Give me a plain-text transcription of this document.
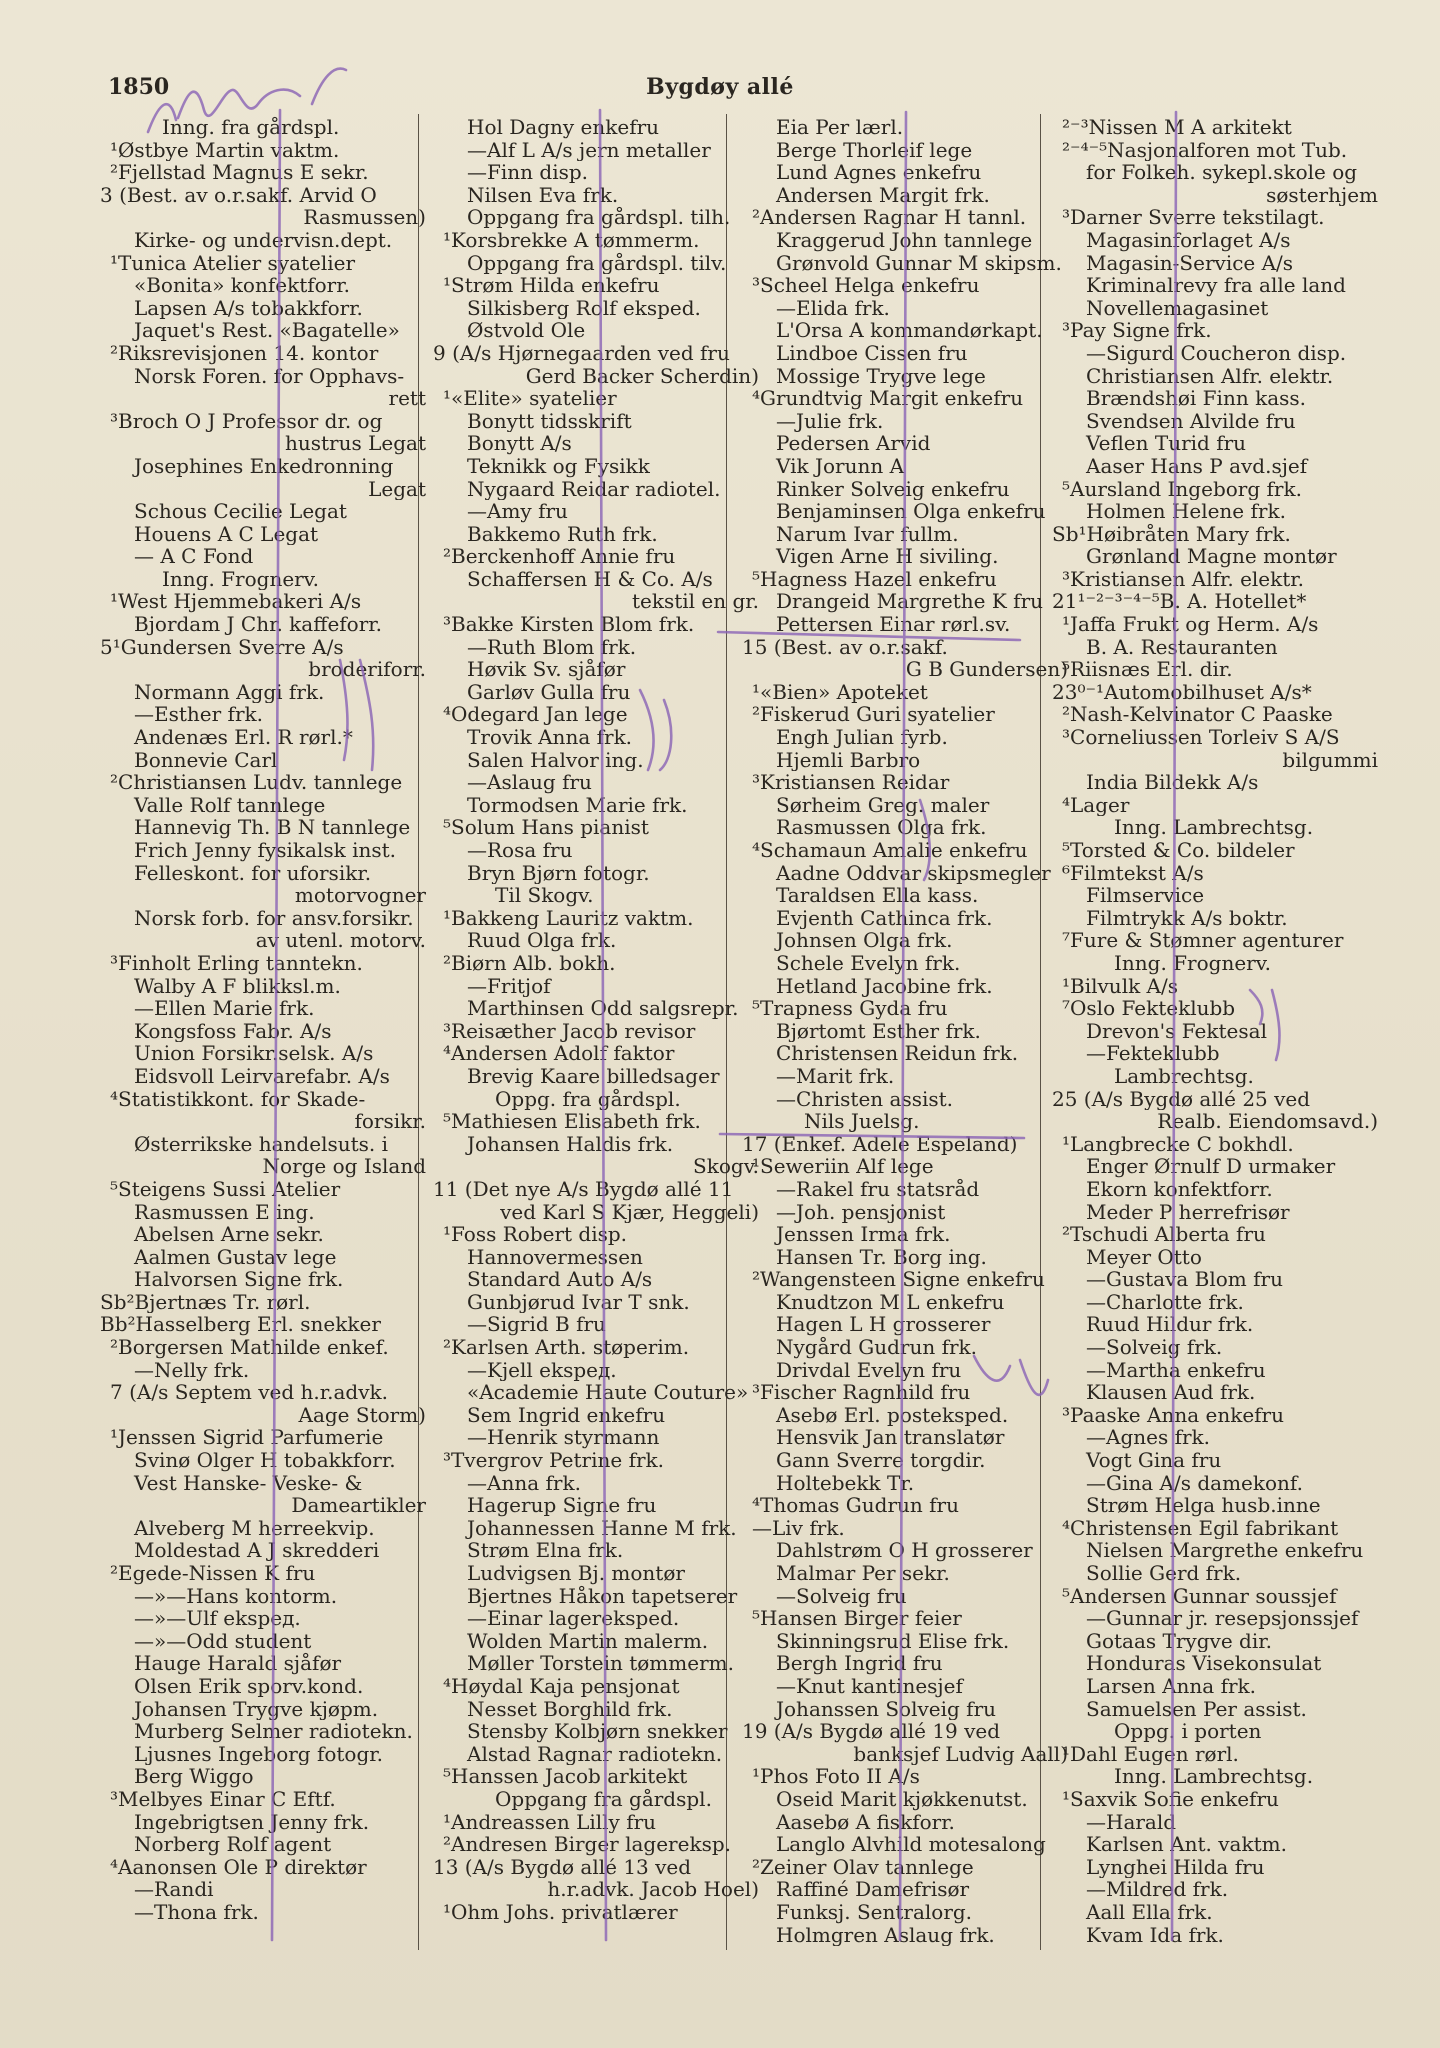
1850	Bygdøy allé
Inng. fra gårdspl.
¹Østbye Martin vaktm.
²Fjellstad Magnus E sekr.
3 (Best. av o.r.sakf. Arvid O
Rasmussen)
Kirke- og undervisn.dept.
¹Tunica Atelier syatelier
«Bonita» konfektforr.
Lapsen A/s tobakkforr.
Jaquet's Rest. «Bagatelle»
²Riksrevisjonen 14. kontor
Norsk Foren. for Opphavs-
rett
³Broch O J Professor dr. og
hustrus Legat
Josephines Enkedronning
Legat
Schous Cecilie Legat
Houens A C Legat
— A C Fond
Inng. Frognerv.
¹West Hjemmebakeri A/s
Bjordam J Chr. kaffeforr.
5¹Gundersen Sverre A/s
broderiforr.
Normann Aggi frk.
—Esther frk.
Andenæs Erl. R rørl.*
Bonnevie Carl
²Christiansen Ludv. tannlege
Valle Rolf tannlege
Hannevig Th. B N tannlege
Frich Jenny fysikalsk inst.
Felleskont. for uforsikr.
motorvogner
Norsk forb. for ansv.forsikr.
av utenl. motorv.
³Finholt Erling tanntekn.
Walby A F blikksl.m.
—Ellen Marie frk.
Kongsfoss Fabr. A/s
Union Forsikr.selsk. A/s
Eidsvoll Leirvarefabr. A/s
⁴Statistikkont. for Skade-
forsikr.
Østerrikske handelsuts. i
Norge og Island
⁵Steigens Sussi Atelier
Rasmussen E ing.
Abelsen Arne sekr.
Aalmen Gustav lege
Halvorsen Signe frk.
Sb²Bjertnæs Tr. rørl.
Bb²Hasselberg Erl. snekker
²Borgersen Mathilde enkef.
—Nelly frk.
7 (A/s Septem ved h.r.advk.
Aage Storm)
¹Jenssen Sigrid Parfumerie
Svinø Olger H tobakkforr.
Vest Hanske- Veske- &
Dameartikler
Alveberg M herreekvip.
Moldestad A J skredderi
²Egede-Nissen K fru
—»—Hans kontorm.
—»—Ulf ekspeд.
—»—Odd student
Hauge Harald sjåfør
Olsen Erik sporv.kond.
Johansen Trygve kjøpm.
Murberg Selmer radiotekn.
Ljusnes Ingeborg fotogr.
Berg Wiggo
³Melbyes Einar C Eftf.
Ingebrigtsen Jenny frk.
Norberg Rolf agent
⁴Aanonsen Ole P direktør
—Randi
—Thona frk.
Hol Dagny enkefru
—Alf L A/s jern metaller
—Finn disp.
Nilsen Eva frk.
Oppgang fra gårdspl. tilh.
¹Korsbrekke A tømmerm.
Oppgang fra gårdspl. tilv.
¹Strøm Hilda enkefru
Silkisberg Rolf eksped.
Østvold Ole
9 (A/s Hjørnegaarden ved fru
Gerd Backer Scherdin)
¹«Elite» syatelier
Bonytt tidsskrift
Bonytt A/s
Teknikk og Fysikk
Nygaard Reidar radiotel.
—Amy fru
Bakkemo Ruth frk.
²Berckenhoff Annie fru
Schaffersen H & Co. A/s
tekstil en gr.
³Bakke Kirsten Blom frk.
—Ruth Blom frk.
Høvik Sv. sjåfør
Garløv Gulla fru
⁴Odegard Jan lege
Trovik Anna frk.
Salen Halvor ing.
—Aslaug fru
Tormodsen Marie frk.
⁵Solum Hans pianist
—Rosa fru
Bryn Bjørn fotogr.
Til Skogv.
¹Bakkeng Lauritz vaktm.
Ruud Olga frk.
²Biørn Alb. bokh.
—Fritjof
Marthinsen Odd salgsrepr.
³Reisæther Jacob revisor
⁴Andersen Adolf faktor
Brevig Kaare billedsager
Oppg. fra gårdspl.
⁵Mathiesen Elisabeth frk.
Johansen Haldis frk.
Skogv.
11 (Det nye A/s Bygdø allé 11
ved Karl S Kjær, Heggeli)
¹Foss Robert disp.
Hannovermessen
Standard Auto A/s
Gunbjørud Ivar T snk.
—Sigrid B fru
²Karlsen Arth. støperim.
—Kjell ekspeд.
«Academie Haute Couture»
Sem Ingrid enkefru
—Henrik styrmann
³Tvergrov Petrine frk.
—Anna frk.
Hagerup Signe fru
Johannessen Hanne M frk.
Strøm Elna frk.
Ludvigsen Bj. montør
Bjertnes Håkon tapetserer
—Einar lagereksped.
Wolden Martin malerm.
Møller Torstein tømmerm.
⁴Høydal Kaja pensjonat
Nesset Borghild frk.
Stensby Kolbjørn snekker
Alstad Ragnar radiotekn.
⁵Hanssen Jacob arkitekt
Oppgang fra gårdspl.
¹Andreassen Lilly fru
²Andresen Birger lagereksp.
13 (A/s Bygdø allé 13 ved
h.r.advk. Jacob Hoel)
¹Ohm Johs. privatlærer
Eia Per lærl.
Berge Thorleif lege
Lund Agnes enkefru
Andersen Margit frk.
²Andersen Ragnar H tannl.
Kraggerud John tannlege
Grønvold Gunnar M skipsm.
³Scheel Helga enkefru
—Elida frk.
L'Orsa A kommandørkapt.
Lindboe Cissen fru
Mossige Trygve lege
⁴Grundtvig Margit enkefru
—Julie frk.
Pedersen Arvid
Vik Jorunn A
Rinker Solveig enkefru
Benjaminsen Olga enkefru
Narum Ivar fullm.
Vigen Arne H siviling.
⁵Hagness Hazel enkefru
Drangeid Margrethe K fru
Pettersen Einar rørl.sv.
15 (Best. av o.r.sakf.
G B Gundersen)
¹«Bien» Apoteket
²Fiskerud Guri syatelier
Engh Julian fyrb.
Hjemli Barbro
³Kristiansen Reidar
Sørheim Greg. maler
Rasmussen Olga frk.
⁴Schamaun Amalie enkefru
Aadne Oddvar skipsmegler
Taraldsen Ella kass.
Evjenth Cathinca frk.
Johnsen Olga frk.
Schele Evelyn frk.
Hetland Jacobine frk.
⁵Trapness Gyda fru
Bjørtomt Esther frk.
Christensen Reidun frk.
—Marit frk.
—Christen assist.
Nils Juelsg.
17 (Enkef. Adele Espeland)
¹Seweriin Alf lege
—Rakel fru statsråd
—Joh. pensjonist
Jenssen Irma frk.
Hansen Tr. Borg ing.
²Wangensteen Signe enkefru
Knudtzon M L enkefru
Hagen L H grosserer
Nygård Gudrun frk.
Drivdal Evelyn fru
³Fischer Ragnhild fru
Asebø Erl. posteksped.
Hensvik Jan translatør
Gann Sverre torgdir.
Holtebekk Tr.
⁴Thomas Gudrun fru
—Liv frk.
Dahlstrøm O H grosserer
Malmar Per sekr.
—Solveig fru
⁵Hansen Birger feier
Skinningsrud Elise frk.
Bergh Ingrid fru
—Knut kantinesjef
Johanssen Solveig fru
19 (A/s Bygdø allé 19 ved
banksjef Ludvig Aall)
¹Phos Foto II A/s
Oseid Marit kjøkkenutst.
Aasebø A fiskforr.
Langlo Alvhild motesalong
²Zeiner Olav tannlege
Raffiné Damefrisør
Funksj. Sentralorg.
Holmgren Aslaug frk.
²⁻³Nissen M A arkitekt
²⁻⁴⁻⁵Nasjonalforen mot Tub.
for Folkeh. sykepl.skole og
søsterhjem
³Darner Sverre tekstilagt.
Magasinforlaget A/s
Magasin-Service A/s
Kriminalrevy fra alle land
Novellemagasinet
³Pay Signe frk.
—Sigurd Coucheron disp.
Christiansen Alfr. elektr.
Brændshøi Finn kass.
Svendsen Alvilde fru
Veflen Turid fru
Aaser Hans P avd.sjef
⁵Aursland Ingeborg frk.
Holmen Helene frk.
Sb¹Høibråten Mary frk.
Grønland Magne montør
³Kristiansen Alfr. elektr.
21¹⁻²⁻³⁻⁴⁻⁵B. A. Hotellet*
¹Jaffa Frukt og Herm. A/s
B. A. Restauranten
⁵Riisnæs Erl. dir.
23⁰⁻¹Automobilhuset A/s*
²Nash-Kelvinator C Paaske
³Corneliussen Torleiv S A/S
bilgummi
India Bildekk A/s
⁴Lager
Inng. Lambrechtsg.
⁵Torsted & Co. bildeler
⁶Filmtekst A/s
Filmservice
Filmtrykk A/s boktr.
⁷Fure & Stømner agenturer
Inng. Frognerv.
¹Bilvulk A/s
⁷Oslo Fekteklubb
Drevon's Fektesal
—Fekteklubb
Lambrechtsg.
25 (A/s Bygdø allé 25 ved
Realb. Eiendomsavd.)
¹Langbrecke C bokhdl.
Enger Ørnulf D urmaker
Ekorn konfektforr.
Meder P herrefrisør
²Tschudi Alberta fru
Meyer Otto
—Gustava Blom fru
—Charlotte frk.
Ruud Hildur frk.
—Solveig frk.
—Martha enkefru
Klausen Aud frk.
³Paaske Anna enkefru
—Agnes frk.
Vogt Gina fru
—Gina A/s damekonf.
Strøm Helga husb.inne
⁴Christensen Egil fabrikant
Nielsen Margrethe enkefru
Sollie Gerd frk.
⁵Andersen Gunnar soussjef
—Gunnar jr. resepsjonssjef
Gotaas Trygve dir.
Honduras Visekonsulat
Larsen Anna frk.
Samuelsen Per assist.
Oppg. i porten
¹Dahl Eugen rørl.
Inng. Lambrechtsg.
¹Saxvik Sofie enkefru
—Harald
Karlsen Ant. vaktm.
Lynghei Hilda fru
—Mildred frk.
Aall Ella frk.
Kvam Ida frk.
